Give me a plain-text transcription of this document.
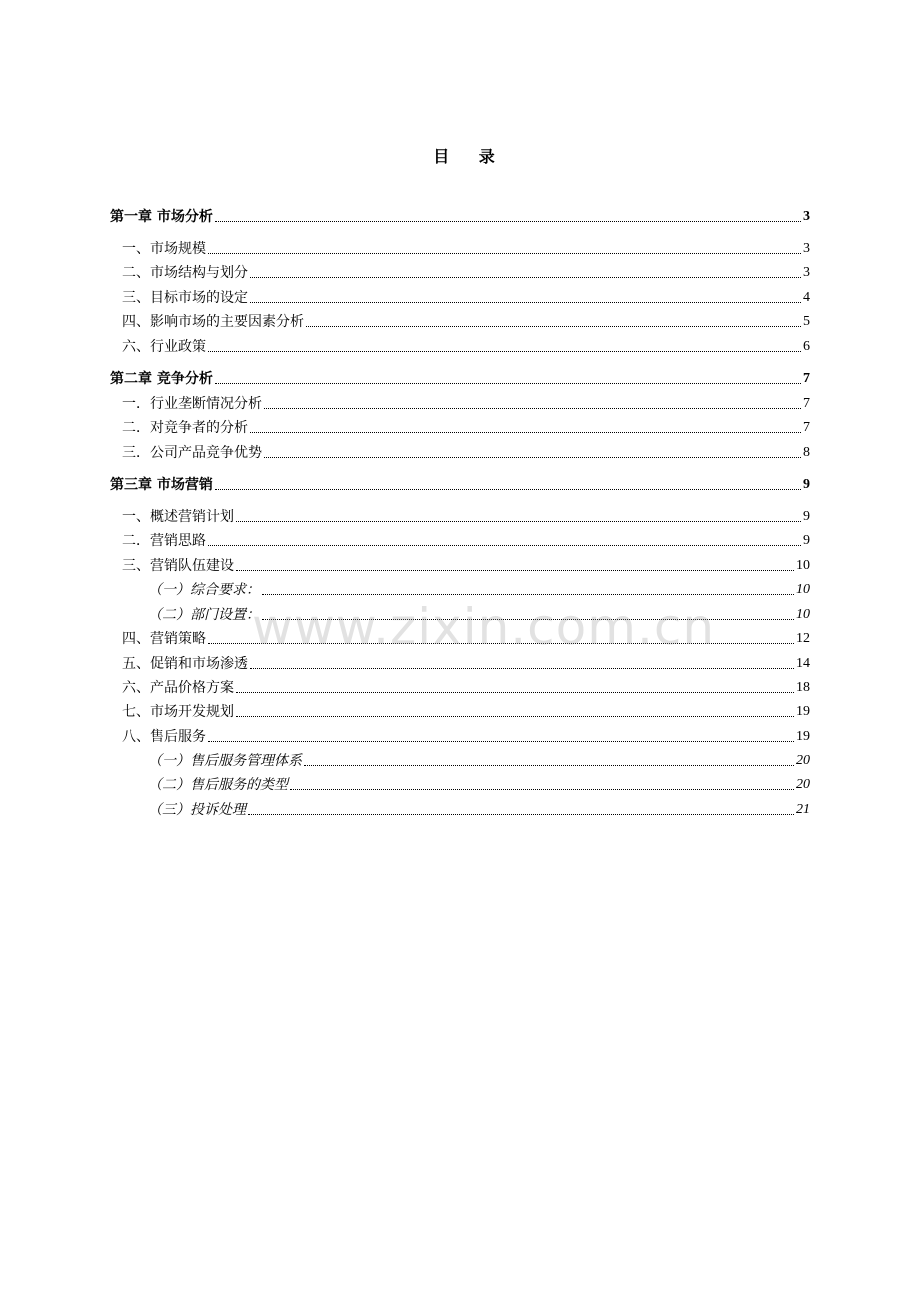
目 录
第一章 市场分析	3
一、市场规模	3
二、市场结构与划分	3
三、目标市场的设定	4
四、影响市场的主要因素分析	5
六、行业政策	6
第二章 竞争分析	7
一．行业垄断情况分析	7
二．对竞争者的分析	7
三．公司产品竞争优势	8
第三章 市场营销	9
一、概述营销计划	9
二．营销思路	9
三、营销队伍建设	10
（一）综合要求：	10
（二）部门设置：	10
四、营销策略	12
五、促销和市场渗透	14
六、产品价格方案	18
七、市场开发规划	19
八、售后服务	19
（一）售后服务管理体系	20
（二）售后服务的类型	20
（三）投诉处理	21
www.zixin.com.cn
